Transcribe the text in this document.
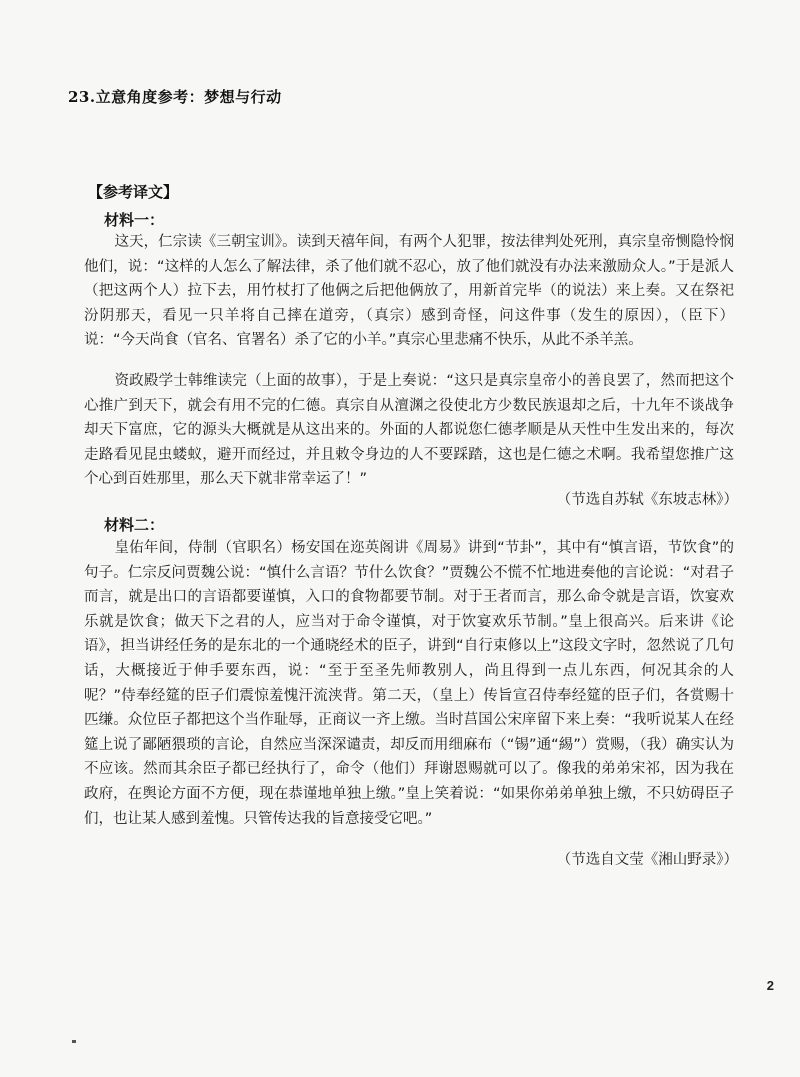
23.立意角度参考：梦想与行动
【参考译文】
材料一：
这天，仁宗读《三朝宝训》。读到天禧年间，有两个人犯罪，按法律判处死刑，真宗皇帝恻隐怜悯他们，说：“这样的人怎么了解法律，杀了他们就不忍心，放了他们就没有办法来激励众人。”于是派人（把这两个人）拉下去，用竹杖打了他俩之后把他俩放了，用新首完毕（的说法）来上奏。又在祭祀汾阴那天，看见一只羊将自己摔在道旁，（真宗）感到奇怪，问这件事（发生的原因），（臣下）说：“今天尚食（官名、官署名）杀了它的小羊。”真宗心里悲痛不快乐，从此不杀羊羔。
资政殿学士韩维读完（上面的故事），于是上奏说：“这只是真宗皇帝小的善良罢了，然而把这个心推广到天下，就会有用不完的仁德。真宗自从澶渊之役使北方少数民族退却之后，十九年不谈战争却天下富庶，它的源头大概就是从这出来的。外面的人都说您仁德孝顺是从天性中生发出来的，每次走路看见昆虫蝼蚁，避开而经过，并且敕令身边的人不要踩踏，这也是仁德之术啊。我希望您推广这个心到百姓那里，那么天下就非常幸运了！”
（节选自苏轼《东坡志林》）
材料二：
皇佑年间，侍制（官职名）杨安国在迩英阁讲《周易》讲到“节卦”，其中有“慎言语，节饮食”的句子。仁宗反问贾魏公说：“慎什么言语？节什么饮食？”贾魏公不慌不忙地进奏他的言论说：“对君子而言，就是出口的言语都要谨慎，入口的食物都要节制。对于王者而言，那么命令就是言语，饮宴欢乐就是饮食；做天下之君的人，应当对于命令谨慎，对于饮宴欢乐节制。”皇上很高兴。后来讲《论语》，担当讲经任务的是东北的一个通晓经术的臣子，讲到“自行束修以上”这段文字时，忽然说了几句话，大概接近于伸手要东西，说：“至于至圣先师教别人，尚且得到一点儿东西，何况其余的人呢？”侍奉经筵的臣子们震惊羞愧汗流浃背。第二天，（皇上）传旨宣召侍奉经筵的臣子们，各赏赐十匹缣。众位臣子都把这个当作耻辱，正商议一齐上缴。当时莒国公宋庠留下来上奏：“我听说某人在经筵上说了鄙陋猥琐的言论，自然应当深深谴责，却反而用细麻布（“锡”通“緆”）赏赐，（我）确实认为不应该。然而其余臣子都已经执行了，命令（他们）拜谢恩赐就可以了。像我的弟弟宋祁，因为我在政府，在舆论方面不方便，现在恭谨地单独上缴。”皇上笑着说：“如果你弟弟单独上缴，不只妨碍臣子们，也让某人感到羞愧。只管传达我的旨意接受它吧。”
（节选自文莹《湘山野录》）
2
